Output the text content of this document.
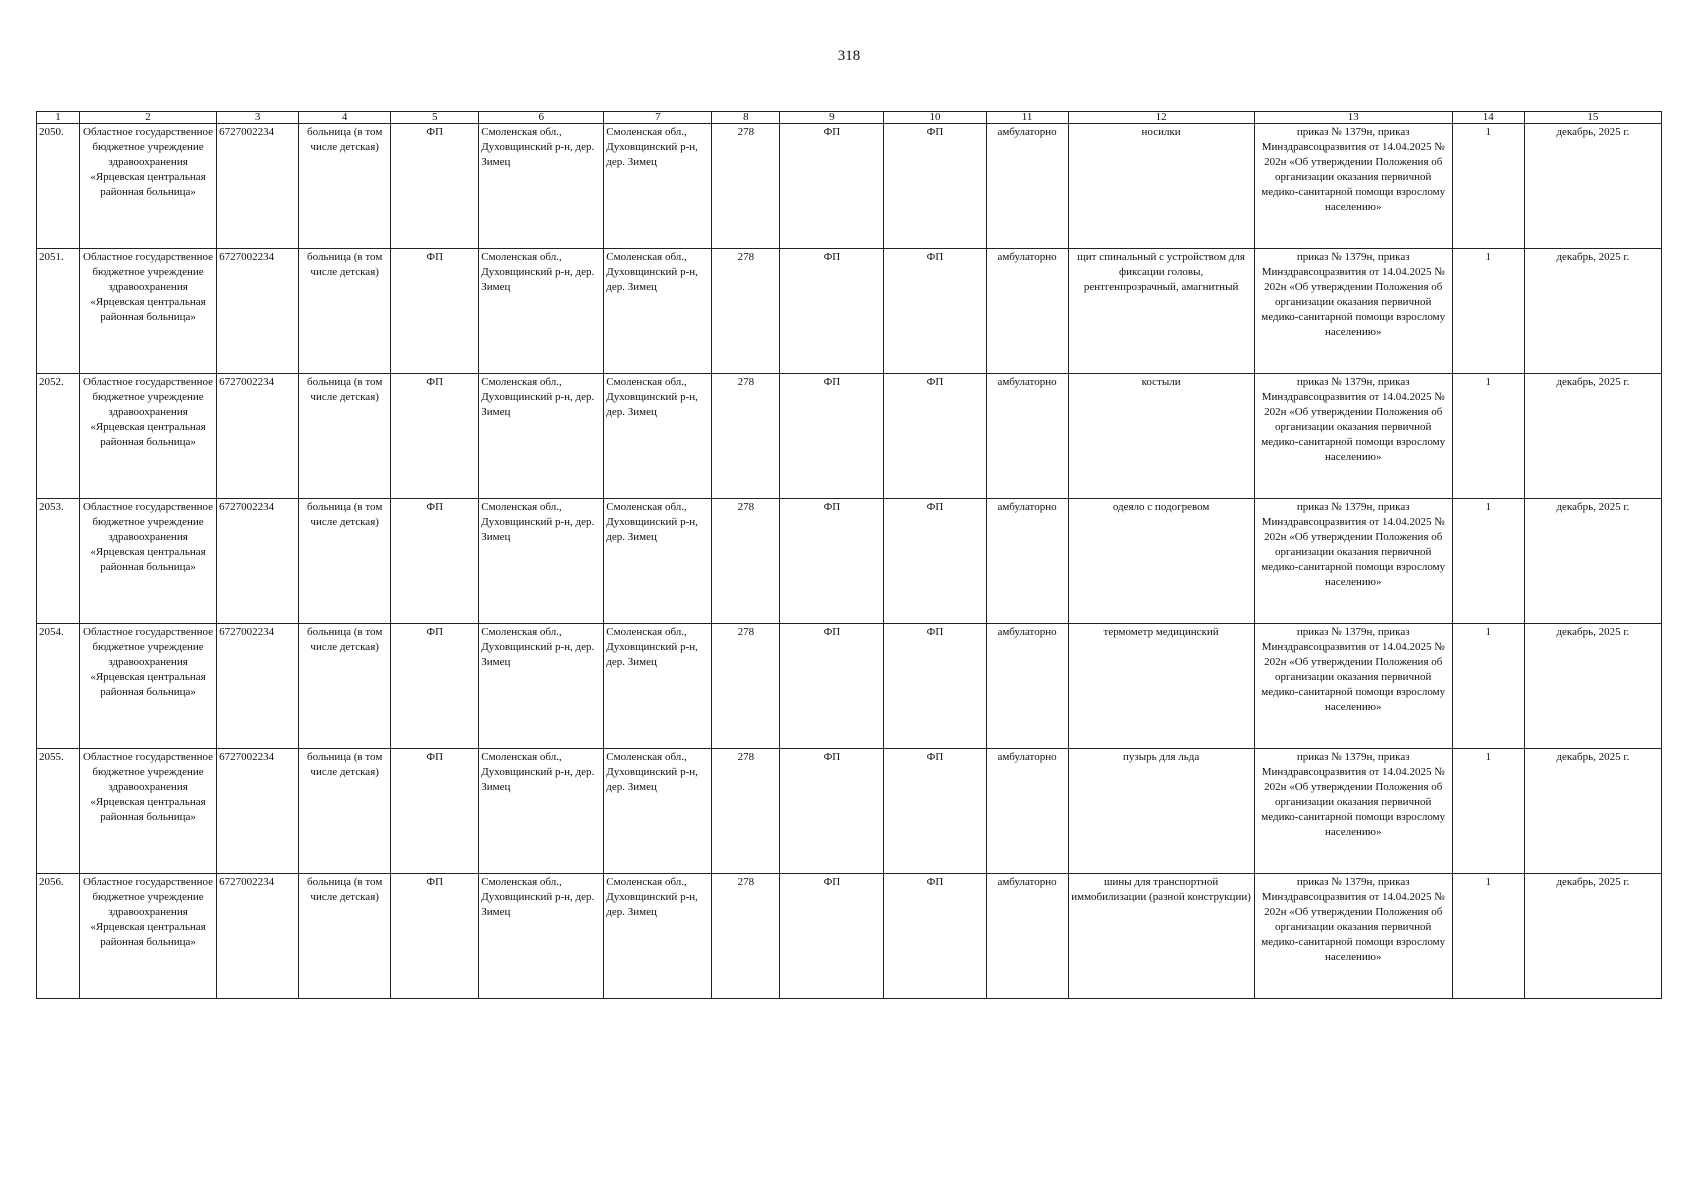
318
1	2	3	4	5	6	7	8	9	10	11	12	13	14	15
2050.	Областное государственное бюджетное учреждение здравоохранения «Ярцевская центральная районная больница»	6727002234	больница (в том числе детская)	ФП	Смоленская обл., Духовщинский р-н, дер. Зимец	Смоленская обл., Духовщинский р-н, дер. Зимец	278	ФП	ФП	амбулаторно	носилки	приказ № 1379н, приказ Минздравсоцразвития от 14.04.2025 № 202н «Об утверждении Положения об организации оказания первичной медико-санитарной помощи взрослому населению»	1	декабрь, 2025 г.
2051.	Областное государственное бюджетное учреждение здравоохранения «Ярцевская центральная районная больница»	6727002234	больница (в том числе детская)	ФП	Смоленская обл., Духовщинский р-н, дер. Зимец	Смоленская обл., Духовщинский р-н, дер. Зимец	278	ФП	ФП	амбулаторно	щит спинальный с устройством для фиксации головы, рентгенпрозрачный, амагнитный	приказ № 1379н, приказ Минздравсоцразвития от 14.04.2025 № 202н «Об утверждении Положения об организации оказания первичной медико-санитарной помощи взрослому населению»	1	декабрь, 2025 г.
2052.	Областное государственное бюджетное учреждение здравоохранения «Ярцевская центральная районная больница»	6727002234	больница (в том числе детская)	ФП	Смоленская обл., Духовщинский р-н, дер. Зимец	Смоленская обл., Духовщинский р-н, дер. Зимец	278	ФП	ФП	амбулаторно	костыли	приказ № 1379н, приказ Минздравсоцразвития от 14.04.2025 № 202н «Об утверждении Положения об организации оказания первичной медико-санитарной помощи взрослому населению»	1	декабрь, 2025 г.
2053.	Областное государственное бюджетное учреждение здравоохранения «Ярцевская центральная районная больница»	6727002234	больница (в том числе детская)	ФП	Смоленская обл., Духовщинский р-н, дер. Зимец	Смоленская обл., Духовщинский р-н, дер. Зимец	278	ФП	ФП	амбулаторно	одеяло с подогревом	приказ № 1379н, приказ Минздравсоцразвития от 14.04.2025 № 202н «Об утверждении Положения об организации оказания первичной медико-санитарной помощи взрослому населению»	1	декабрь, 2025 г.
2054.	Областное государственное бюджетное учреждение здравоохранения «Ярцевская центральная районная больница»	6727002234	больница (в том числе детская)	ФП	Смоленская обл., Духовщинский р-н, дер. Зимец	Смоленская обл., Духовщинский р-н, дер. Зимец	278	ФП	ФП	амбулаторно	термометр медицинский	приказ № 1379н, приказ Минздравсоцразвития от 14.04.2025 № 202н «Об утверждении Положения об организации оказания первичной медико-санитарной помощи взрослому населению»	1	декабрь, 2025 г.
2055.	Областное государственное бюджетное учреждение здравоохранения «Ярцевская центральная районная больница»	6727002234	больница (в том числе детская)	ФП	Смоленская обл., Духовщинский р-н, дер. Зимец	Смоленская обл., Духовщинский р-н, дер. Зимец	278	ФП	ФП	амбулаторно	пузырь для льда	приказ № 1379н, приказ Минздравсоцразвития от 14.04.2025 № 202н «Об утверждении Положения об организации оказания первичной медико-санитарной помощи взрослому населению»	1	декабрь, 2025 г.
2056.	Областное государственное бюджетное учреждение здравоохранения «Ярцевская центральная районная больница»	6727002234	больница (в том числе детская)	ФП	Смоленская обл., Духовщинский р-н, дер. Зимец	Смоленская обл., Духовщинский р-н, дер. Зимец	278	ФП	ФП	амбулаторно	шины для транспортной иммобилизации (разной конструкции)	приказ № 1379н, приказ Минздравсоцразвития от 14.04.2025 № 202н «Об утверждении Положения об организации оказания первичной медико-санитарной помощи взрослому населению»	1	декабрь, 2025 г.
